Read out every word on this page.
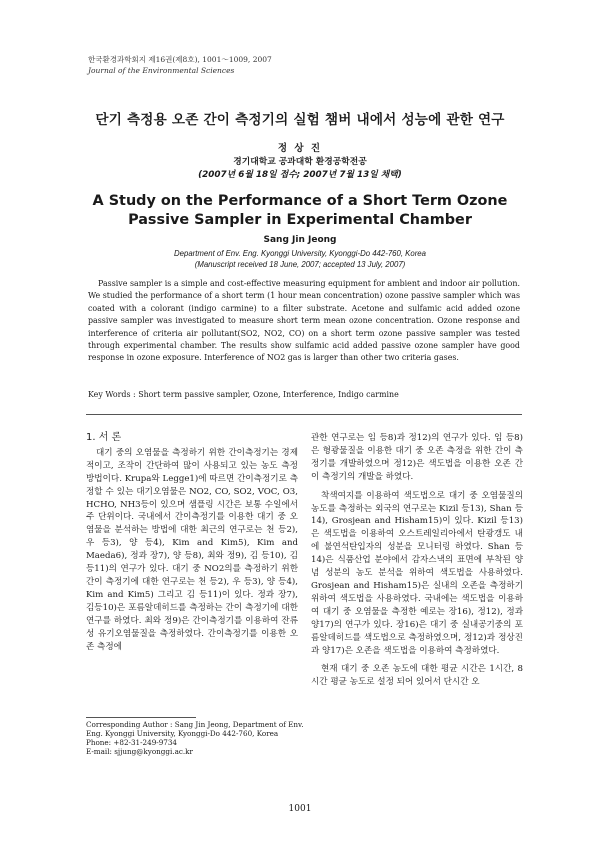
한국환경과학회지 제16권(제8호), 1001～1009, 2007
Journal of the Environmental Sciences
단기 측정용 오존 간이 측정기의 실험 챔버 내에서 성능에 관한 연구
정 상 진
경기대학교 공과대학 환경공학전공
(2007년 6월 18일 접수; 2007년 7월 13일 채택)
A Study on the Performance of a Short Term Ozone
Passive Sampler in Experimental Chamber
Sang Jin Jeong
Department of Env. Eng. Kyonggi University, Kyonggi-Do 442-760, Korea
(Manuscript received 18 June, 2007; accepted 13 July, 2007)
Passive sampler is a simple and cost-effective measuring equipment for ambient and indoor air pollution. We studied the performance of a short term (1 hour mean concentration) ozone passive sampler which was coated with a colorant (indigo carmine) to a filter substrate. Acetone and sulfamic acid added ozone passive sampler was investigated to measure short term mean ozone concentration. Ozone response and interference of criteria air pollutant(SO2, NO2, CO) on a short term ozone passive sampler was tested through experimental chamber. The results show sulfamic acid added passive ozone sampler have good response in ozone exposure. Interference of NO2 gas is larger than other two criteria gases.
Key Words : Short term passive sampler, Ozone, Interference, Indigo carmine
1. 서 론

대기 중의 오염물을 측정하기 위한 간이측정기는 경제적이고, 조작이 간단하여 많이 사용되고 있는 농도 측정방법이다. Krupa와 Legge1)에 따르면 간이측정기로 측정할 수 있는 대기오염물은 NO2, CO, SO2, VOC, O3, HCHO, NH3등이 있으며 샘플링 시간은 보통 수일에서 주 단위이다. 국내에서 간이측정기를 이용한 대기 중 오염물을 분석하는 방법에 대한 최근의 연구로는 천 등2), 우 등3), 양 등4), Kim and Kim5), Kim and Maeda6), 정과 장7), 양 등8), 최와 정9), 김 등10), 김 등11)의 연구가 있다. 대기 중 NO2의를 측정하기 위한 간이 측정기에 대한 연구로는 천 등2), 우 등3), 양 등4), Kim and Kim5) 그리고 김 등11)이 있다. 정과 장7), 김등10)은 포름알데히드를 측정하는 간이 측정기에 대한 연구를 하였다. 최와 정9)은 간이측정기를 이용하여 잔류성 유기오염물질을 측정하였다. 간이측정기를 이용한 오존 측정에

관한 연구로는 임 등8)과 정12)의 연구가 있다. 임 등8)은 형광물질을 이용한 대기 중 오존 측정을 위한 간이 측정기를 개발하였으며 정12)은 색도법을 이용한 오존 간이 측정기의 개발을 하였다.

착색여지를 이용하여 색도법으로 대기 중 오염물질의 농도를 측정하는 외국의 연구로는 Kizil 등13), Shan 등14), Grosjean and Hisham15)이 있다. Kizil 등13)은 색도법을 이용하여 오스트레일리아에서 탄광갱도 내에 불연석탄입자의 성분을 모니터링 하였다. Shan 등14)은 식품산업 분야에서 감자스낵의 표면에 부착된 양념 성분의 농도 분석을 위하여 색도법을 사용하였다. Grosjean and Hisham15)은 실내의 오존을 측정하기 위하여 색도법을 사용하였다. 국내에는 색도법을 이용하여 대기 중 오염물을 측정한 예로는 장16), 정12), 정과 양17)의 연구가 있다. 장16)은 대기 중 실내공기중의 포름알데히드를 색도법으로 측정하였으며, 정12)과 정상진과 양17)은 오존을 색도법을 이용하여 측정하였다.

현재 대기 중 오존 농도에 대한 평균 시간은 1시간, 8시간 평균 농도로 설정 되어 있어서 단시간 오

Corresponding Author : Sang Jin Jeong, Department of Env.
Eng. Kyonggi University, Kyonggi-Do 442-760, Korea
Phone: +82-31-249-9734
E-mail: sjjung@kyonggi.ac.kr
1001
